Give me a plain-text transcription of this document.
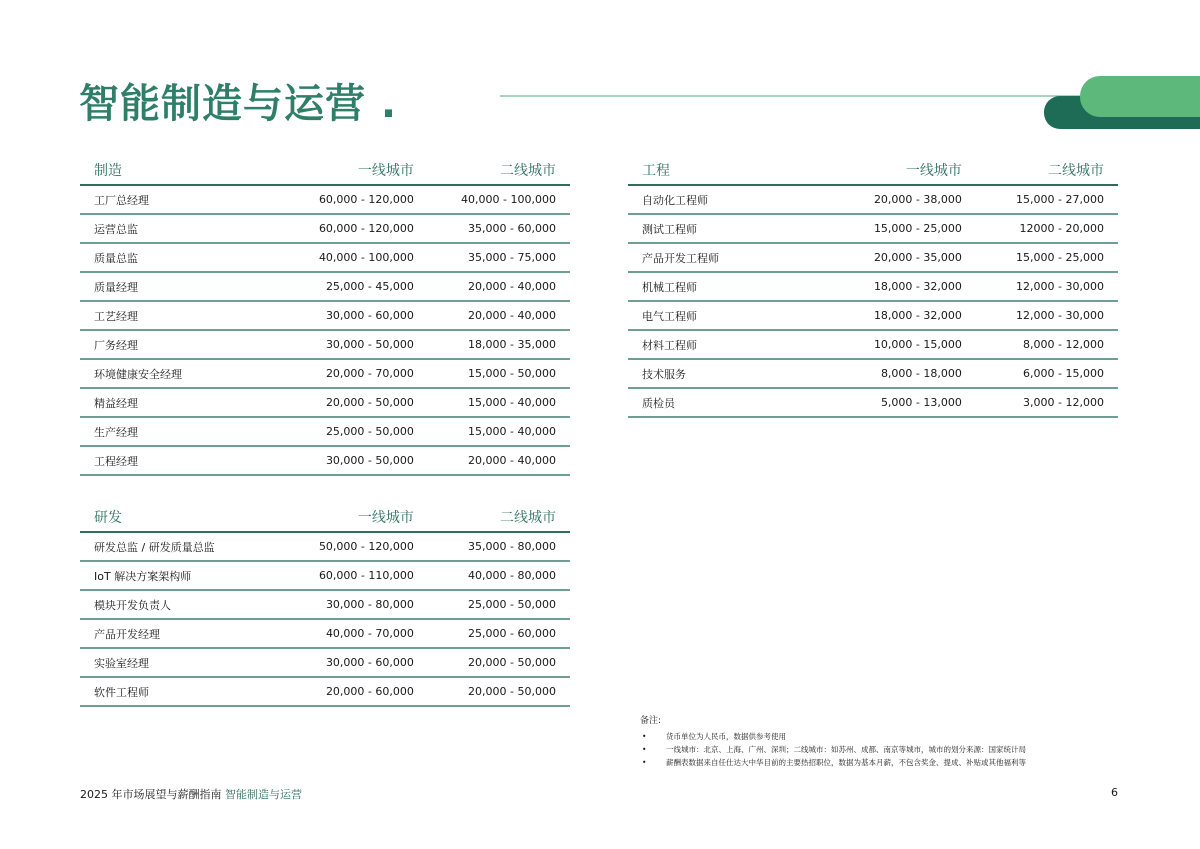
智能制造与运营 .
制造	一线城市	二线城市
工厂总经理	60,000 - 120,000	40,000 - 100,000
运营总监	60,000 - 120,000	35,000 - 60,000
质量总监	40,000 - 100,000	35,000 - 75,000
质量经理	25,000 - 45,000	20,000 - 40,000
工艺经理	30,000 - 60,000	20,000 - 40,000
厂务经理	30,000 - 50,000	18,000 - 35,000
环境健康安全经理	20,000 - 70,000	15,000 - 50,000
精益经理	20,000 - 50,000	15,000 - 40,000
生产经理	25,000 - 50,000	15,000 - 40,000
工程经理	30,000 - 50,000	20,000 - 40,000
研发	一线城市	二线城市
研发总监 / 研发质量总监	50,000 - 120,000	35,000 - 80,000
IoT 解决方案架构师	60,000 - 110,000	40,000 - 80,000
模块开发负责人	30,000 - 80,000	25,000 - 50,000
产品开发经理	40,000 - 70,000	25,000 - 60,000
实验室经理	30,000 - 60,000	20,000 - 50,000
软件工程师	20,000 - 60,000	20,000 - 50,000
工程	一线城市	二线城市
自动化工程师	20,000 - 38,000	15,000 - 27,000
测试工程师	15,000 - 25,000	12000 - 20,000
产品开发工程师	20,000 - 35,000	15,000 - 25,000
机械工程师	18,000 - 32,000	12,000 - 30,000
电气工程师	18,000 - 32,000	12,000 - 30,000
材料工程师	10,000 - 15,000	8,000 - 12,000
技术服务	8,000 - 18,000	6,000 - 15,000
质检员	5,000 - 13,000	3,000 - 12,000
备注:
• 货币单位为人民币，数据供参考使用
• 一线城市：北京、上海、广州、深圳；二线城市：如苏州、成都、南京等城市，城市的划分来源：国家统计局
• 薪酬表数据来自任仕达大中华目前的主要热招职位，数据为基本月薪，不包含奖金、提成、补贴或其他福利等
2025 年市场展望与薪酬指南 智能制造与运营	6
